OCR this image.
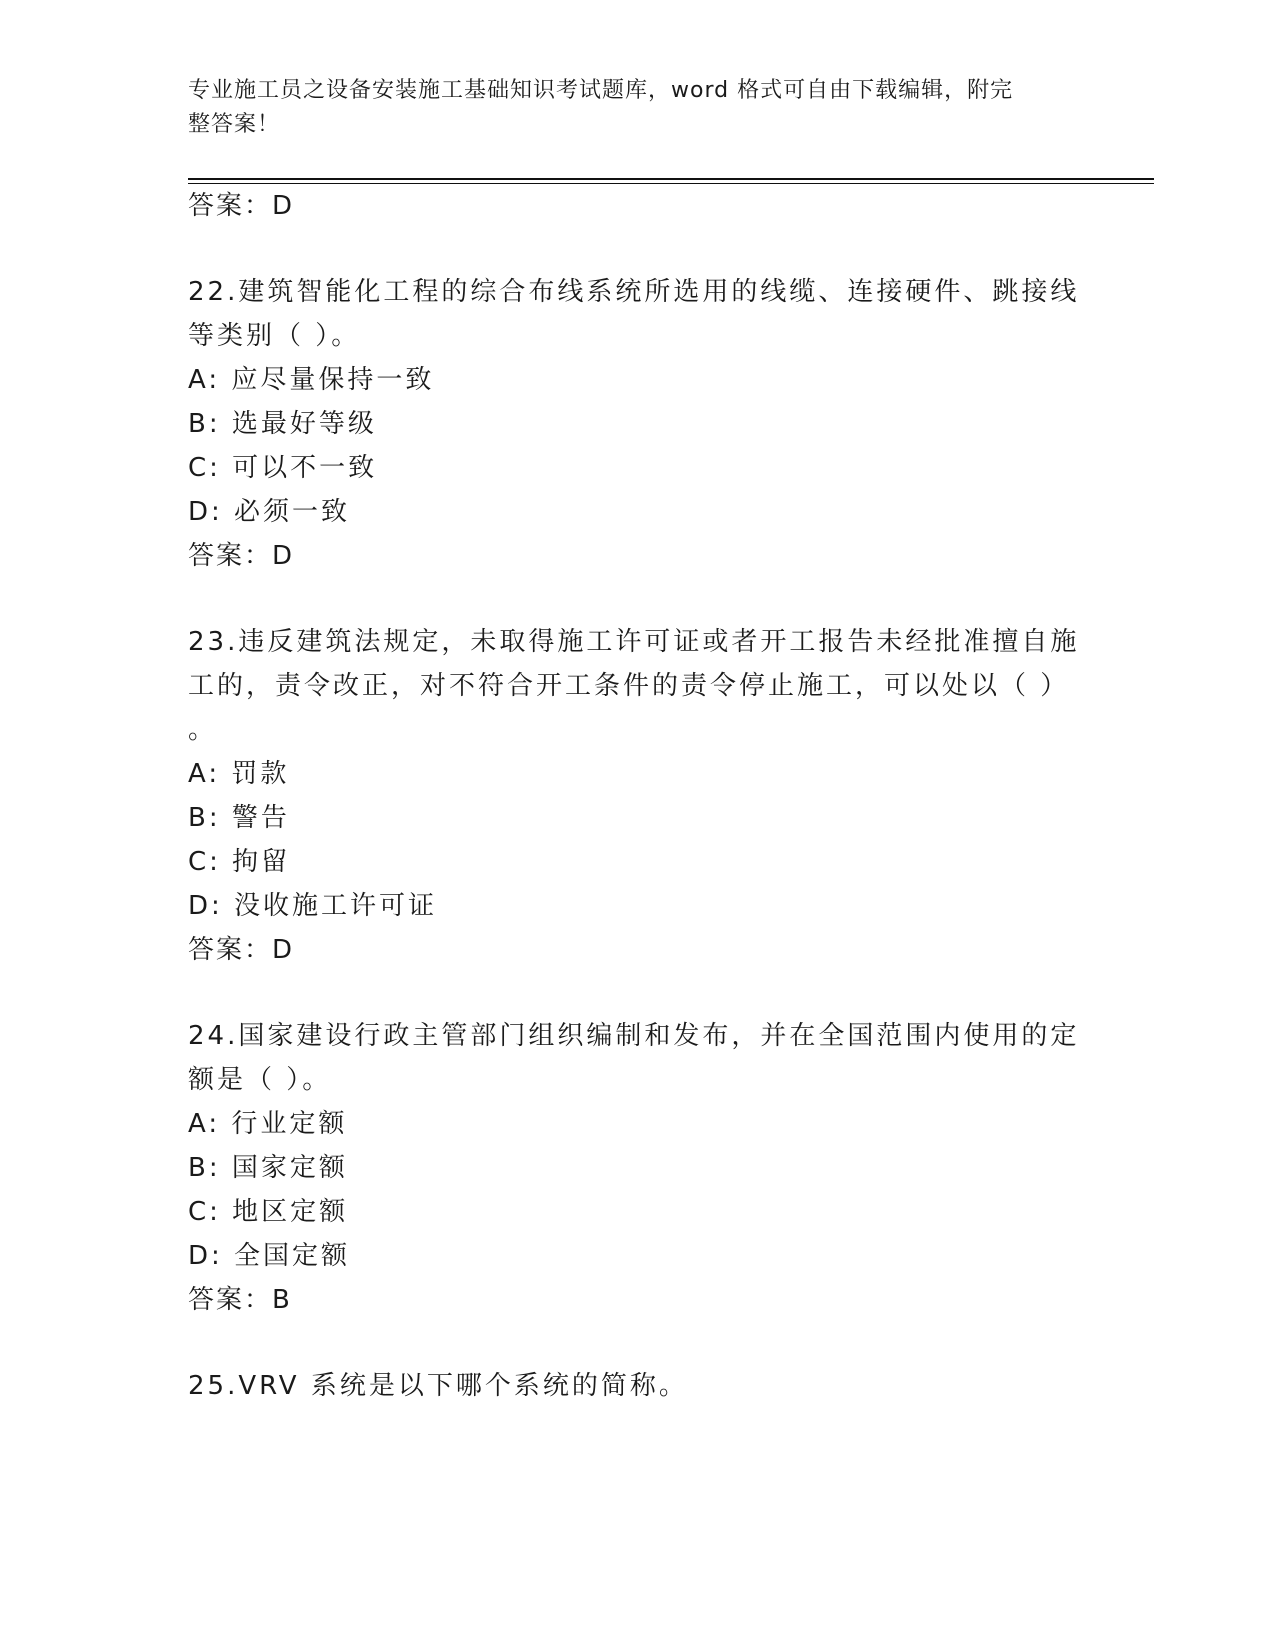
专业施工员之设备安装施工基础知识考试题库，word 格式可自由下载编辑，附完
整答案！
答案：D
22.建筑智能化工程的综合布线系统所选用的线缆、连接硬件、跳接线
等类别（ ）。
A: 应尽量保持一致
B: 选最好等级
C: 可以不一致
D: 必须一致
答案：D
23.违反建筑法规定，未取得施工许可证或者开工报告未经批准擅自施
工的，责令改正，对不符合开工条件的责令停止施工，可以处以（ ）
。
A: 罚款
B: 警告
C: 拘留
D: 没收施工许可证
答案：D
24.国家建设行政主管部门组织编制和发布，并在全国范围内使用的定
额是（ ）。
A: 行业定额
B: 国家定额
C: 地区定额
D: 全国定额
答案：B
25.VRV 系统是以下哪个系统的简称。
